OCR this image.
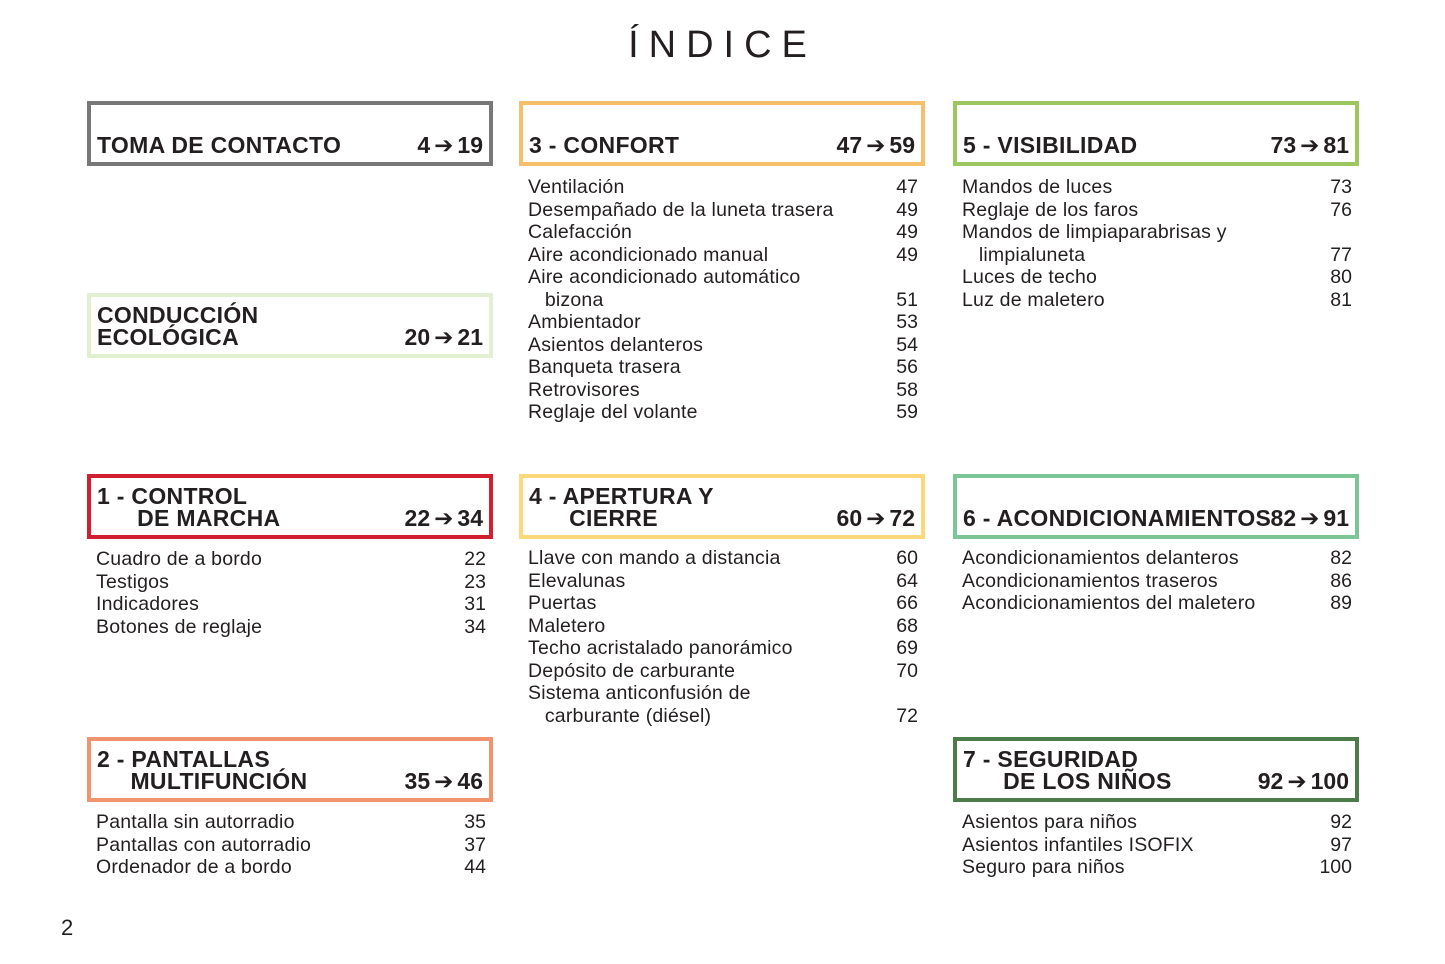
ÍNDICE
TOMA DE CONTACTO	4 ➔ 19
CONDUCCIÓN
ECOLÓGICA	20 ➔ 21
1 - CONTROL
DE MARCHA	22 ➔ 34
Cuadro de a bordo	22
Testigos	23
Indicadores	31
Botones de reglaje	34
2 - PANTALLAS
MULTIFUNCIÓN	35 ➔ 46
Pantalla sin autorradio	35
Pantallas con autorradio	37
Ordenador de a bordo	44
3 - CONFORT	47 ➔ 59
Ventilación	47
Desempañado de la luneta trasera	49
Calefacción	49
Aire acondicionado manual	49
Aire acondicionado automático
bizona	51
Ambientador	53
Asientos delanteros	54
Banqueta trasera	56
Retrovisores	58
Reglaje del volante	59
4 - APERTURA Y
CIERRE	60 ➔ 72
Llave con mando a distancia	60
Elevalunas	64
Puertas	66
Maletero	68
Techo acristalado panorámico	69
Depósito de carburante	70
Sistema anticonfusión de
carburante (diésel)	72
5 - VISIBILIDAD	73 ➔ 81
Mandos de luces	73
Reglaje de los faros	76
Mandos de limpiaparabrisas y
limpialuneta	77
Luces de techo	80
Luz de maletero	81
6 - ACONDICIONAMIENTOS 82 ➔ 91
Acondicionamientos delanteros	82
Acondicionamientos traseros	86
Acondicionamientos del maletero	89
7 - SEGURIDAD
DE LOS NIÑOS	92 ➔ 100
Asientos para niños	92
Asientos infantiles ISOFIX	97
Seguro para niños	100
2
